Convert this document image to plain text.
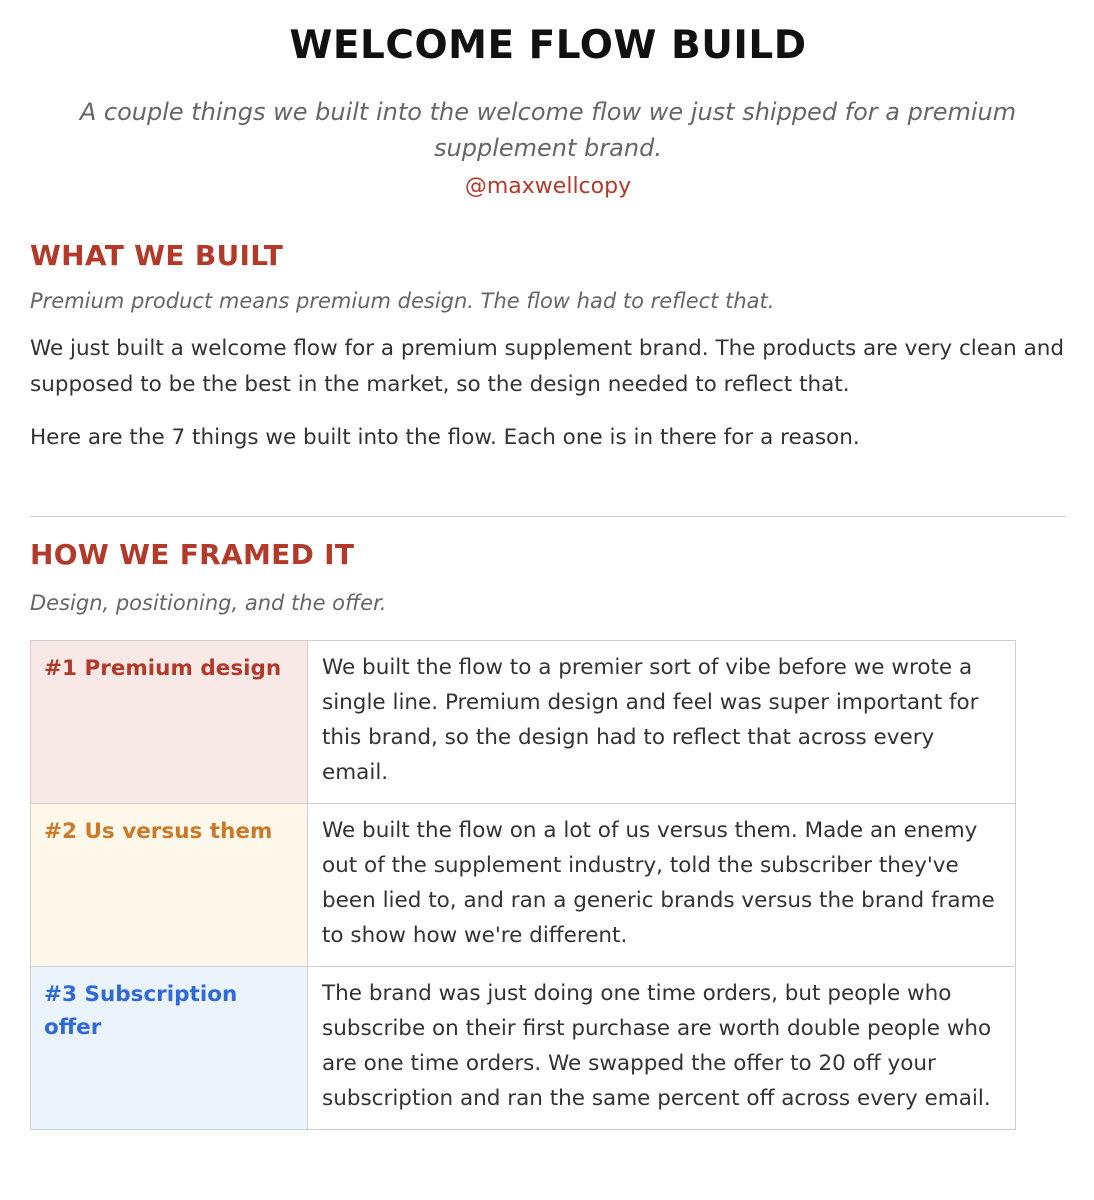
WELCOME FLOW BUILD

A couple things we built into the welcome flow we just shipped for a premium supplement brand.

@maxwellcopy
WHAT WE BUILT

Premium product means premium design. The flow had to reflect that.

We just built a welcome flow for a premium supplement brand. The products are very clean and supposed to be the best in the market, so the design needed to reflect that.

Here are the 7 things we built into the flow. Each one is in there for a reason.

HOW WE FRAMED IT

Design, positioning, and the offer.

#1 Premium design	We built the flow to a premier sort of vibe before we wrote a single line. Premium design and feel was super important for this brand, so the design had to reflect that across every email.
#2 Us versus them	We built the flow on a lot of us versus them. Made an enemy out of the supplement industry, told the subscriber they've been lied to, and ran a generic brands versus the brand frame to show how we're different.
#3 Subscription offer	The brand was just doing one time orders, but people who subscribe on their first purchase are worth double people who are one time orders. We swapped the offer to 20 off your subscription and ran the same percent off across every email.
